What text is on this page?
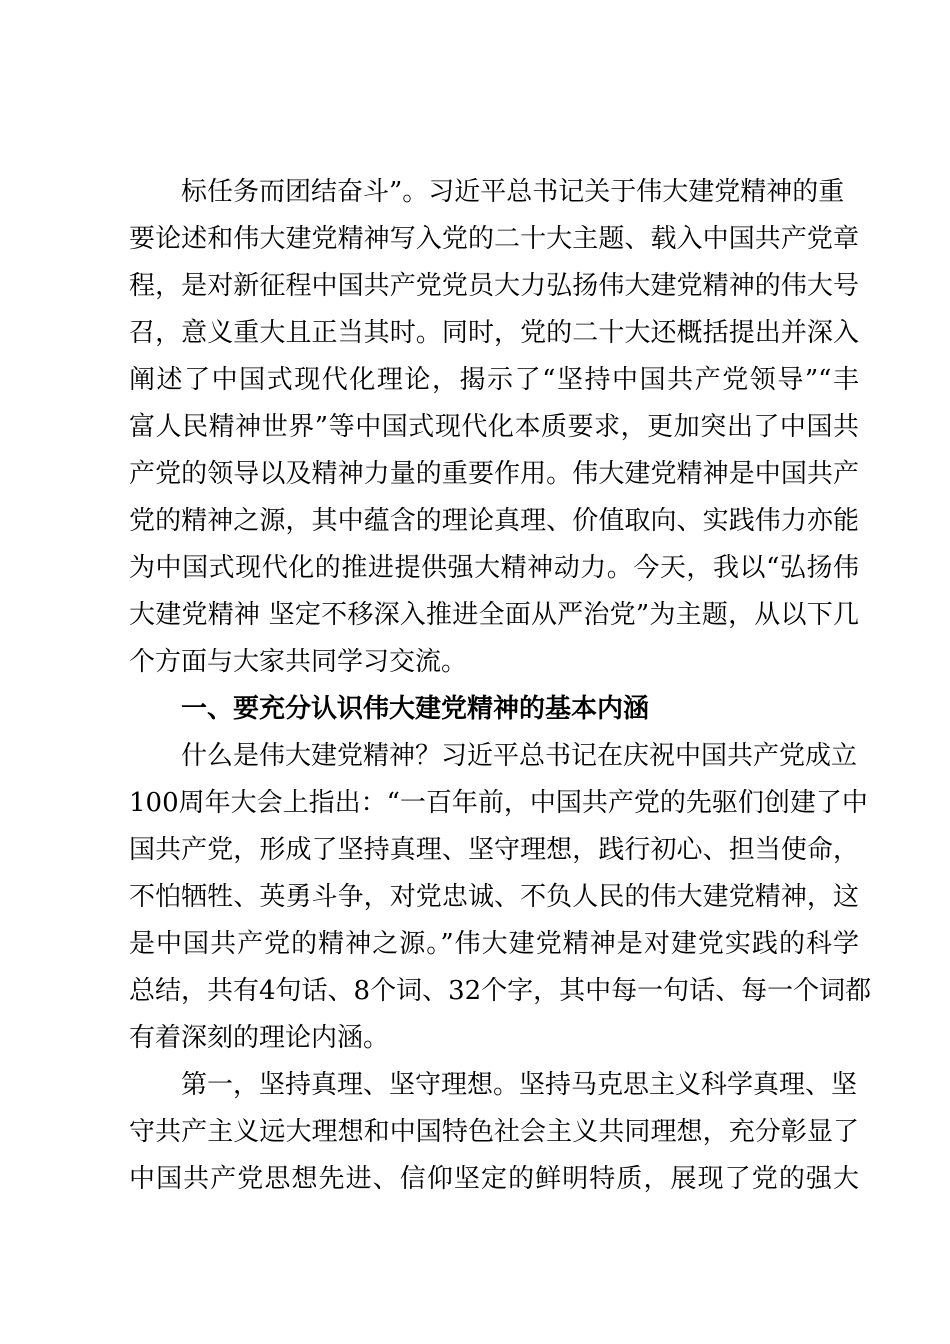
标任务而团结奋斗”。习近平总书记关于伟大建党精神的重
要论述和伟大建党精神写入党的二十大主题、载入中国共产党章
程，是对新征程中国共产党党员大力弘扬伟大建党精神的伟大号
召，意义重大且正当其时。同时，党的二十大还概括提出并深入
阐述了中国式现代化理论，揭示了“坚持中国共产党领导”“丰
富人民精神世界”等中国式现代化本质要求，更加突出了中国共
产党的领导以及精神力量的重要作用。伟大建党精神是中国共产
党的精神之源，其中蕴含的理论真理、价值取向、实践伟力亦能
为中国式现代化的推进提供强大精神动力。今天，我以“弘扬伟
大建党精神 坚定不移深入推进全面从严治党”为主题，从以下几
个方面与大家共同学习交流。
一、要充分认识伟大建党精神的基本内涵
什么是伟大建党精神？习近平总书记在庆祝中国共产党成立
100周年大会上指出：“一百年前，中国共产党的先驱们创建了中
国共产党，形成了坚持真理、坚守理想，践行初心、担当使命，
不怕牺牲、英勇斗争，对党忠诚、不负人民的伟大建党精神，这
是中国共产党的精神之源。”伟大建党精神是对建党实践的科学
总结，共有4句话、8个词、32个字，其中每一句话、每一个词都
有着深刻的理论内涵。
第一，坚持真理、坚守理想。坚持马克思主义科学真理、坚
守共产主义远大理想和中国特色社会主义共同理想，充分彰显了
中国共产党思想先进、信仰坚定的鲜明特质，展现了党的强大
